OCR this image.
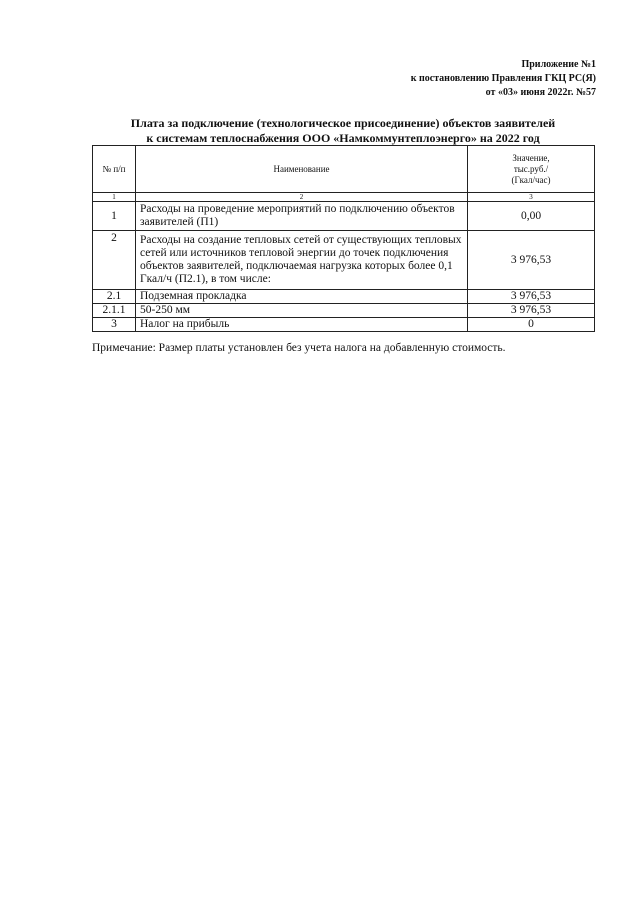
Приложение №1
к постановлению Правления ГКЦ РС(Я)
от «03» июня 2022г. №57
Плата за подключение (технологическое присоединение) объектов заявителей
к системам теплоснабжения ООО «Намкоммунтеплоэнерго» на 2022 год
№ п/п	Наименование	Значение,
тыс.руб./
(Гкал/час)

1	2	3
1	Расходы на проведение мероприятий по подключению объектов заявителей (П1)	0,00
2	Расходы на создание тепловых сетей от существующих тепловых сетей или источников тепловой энергии до точек подключения объектов заявителей, подключаемая нагрузка которых более 0,1 Гкал/ч (П2.1), в том числе:	3 976,53
2.1	Подземная прокладка	3 976,53
2.1.1	50-250 мм	3 976,53
3	Налог на прибыль	0
Примечание: Размер платы установлен без учета налога на добавленную стоимость.
